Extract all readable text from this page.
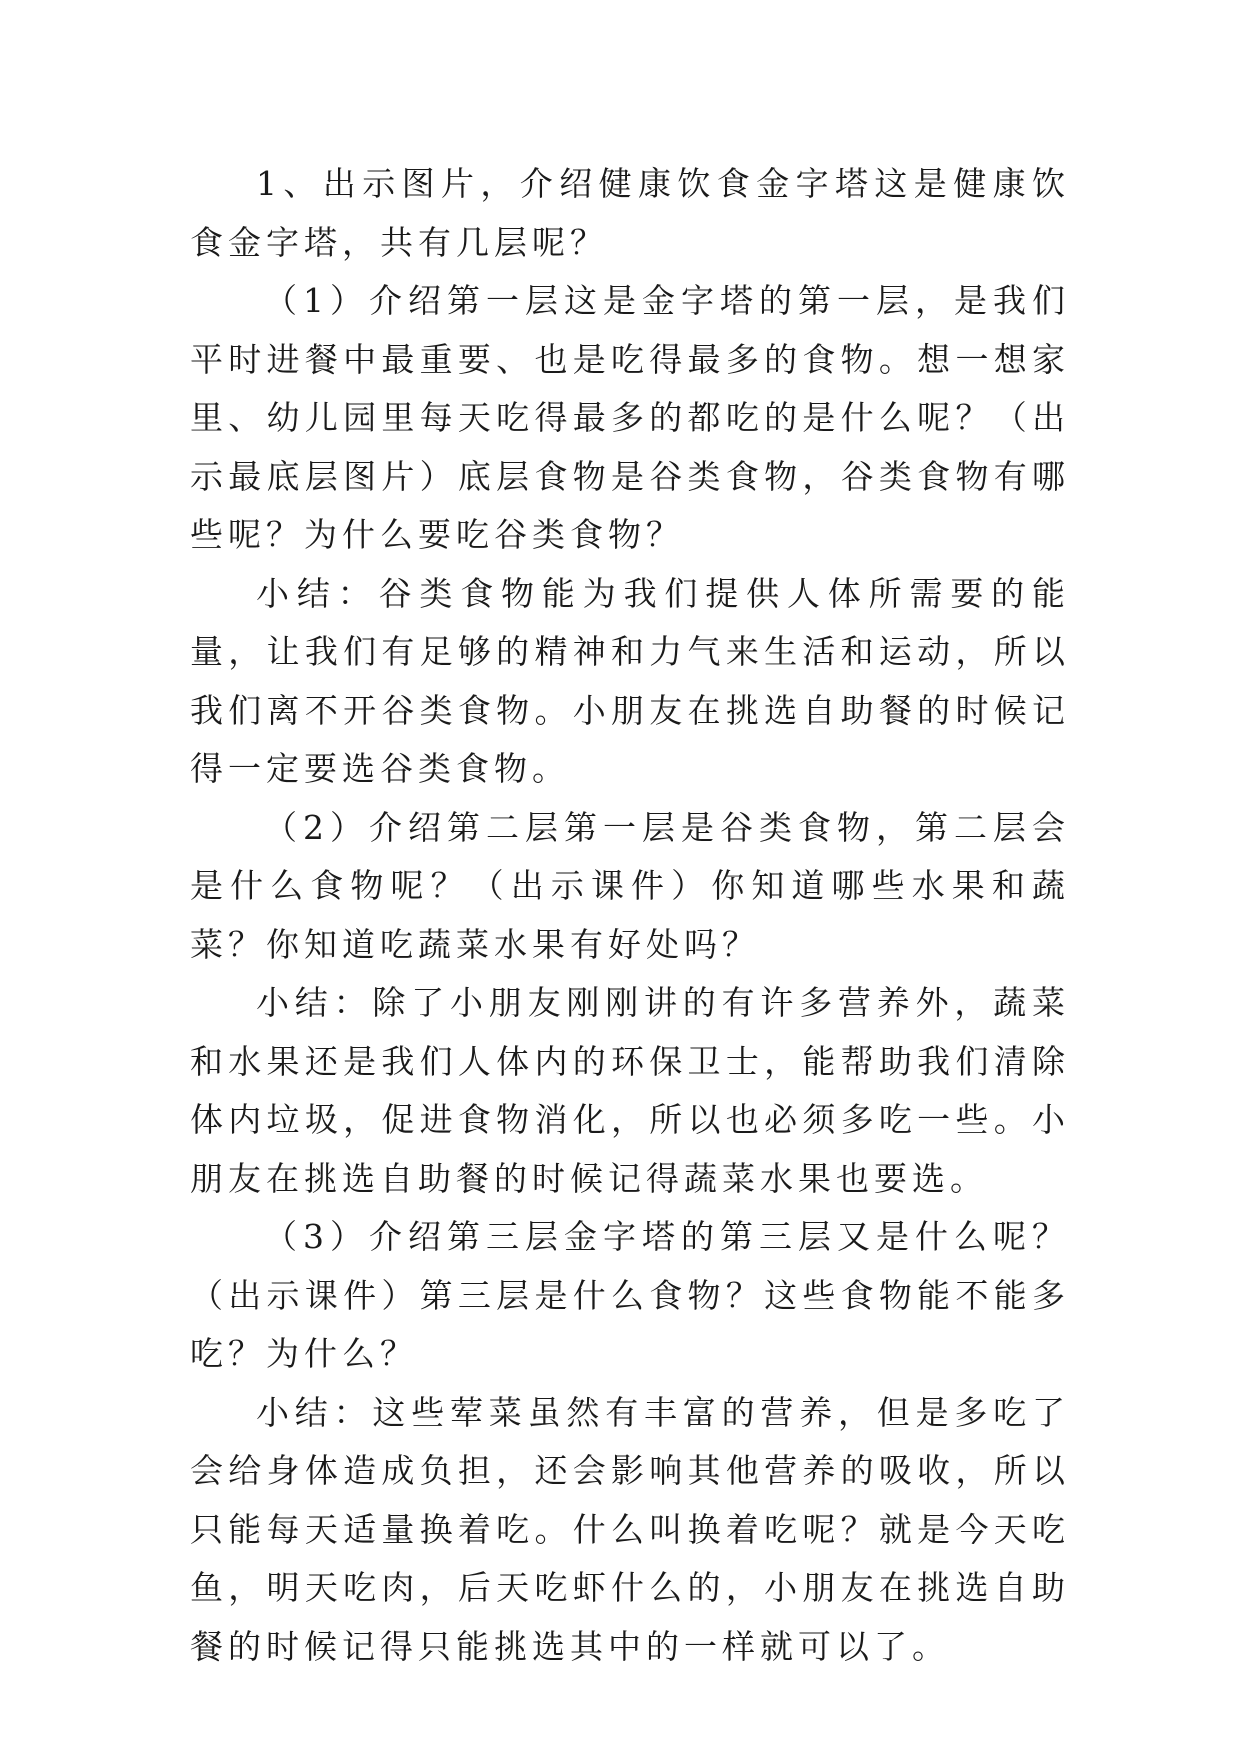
1、出示图片，介绍健康饮食金字塔这是健康饮食金字塔，共有几层呢？

（1）介绍第一层这是金字塔的第一层，是我们平时进餐中最重要、也是吃得最多的食物。想一想家里、幼儿园里每天吃得最多的都吃的是什么呢？（出示最底层图片）底层食物是谷类食物，谷类食物有哪些呢？为什么要吃谷类食物？

小结：谷类食物能为我们提供人体所需要的能量，让我们有足够的精神和力气来生活和运动，所以我们离不开谷类食物。小朋友在挑选自助餐的时候记得一定要选谷类食物。

（2）介绍第二层第一层是谷类食物，第二层会是什么食物呢？（出示课件）你知道哪些水果和蔬菜？你知道吃蔬菜水果有好处吗？

小结：除了小朋友刚刚讲的有许多营养外，蔬菜和水果还是我们人体内的环保卫士，能帮助我们清除体内垃圾，促进食物消化，所以也必须多吃一些。小朋友在挑选自助餐的时候记得蔬菜水果也要选。

（3）介绍第三层金字塔的第三层又是什么呢？（出示课件）第三层是什么食物？这些食物能不能多吃？为什么？

小结：这些荤菜虽然有丰富的营养，但是多吃了会给身体造成负担，还会影响其他营养的吸收，所以只能每天适量换着吃。什么叫换着吃呢？就是今天吃鱼，明天吃肉，后天吃虾什么的，小朋友在挑选自助餐的时候记得只能挑选其中的一样就可以了。
